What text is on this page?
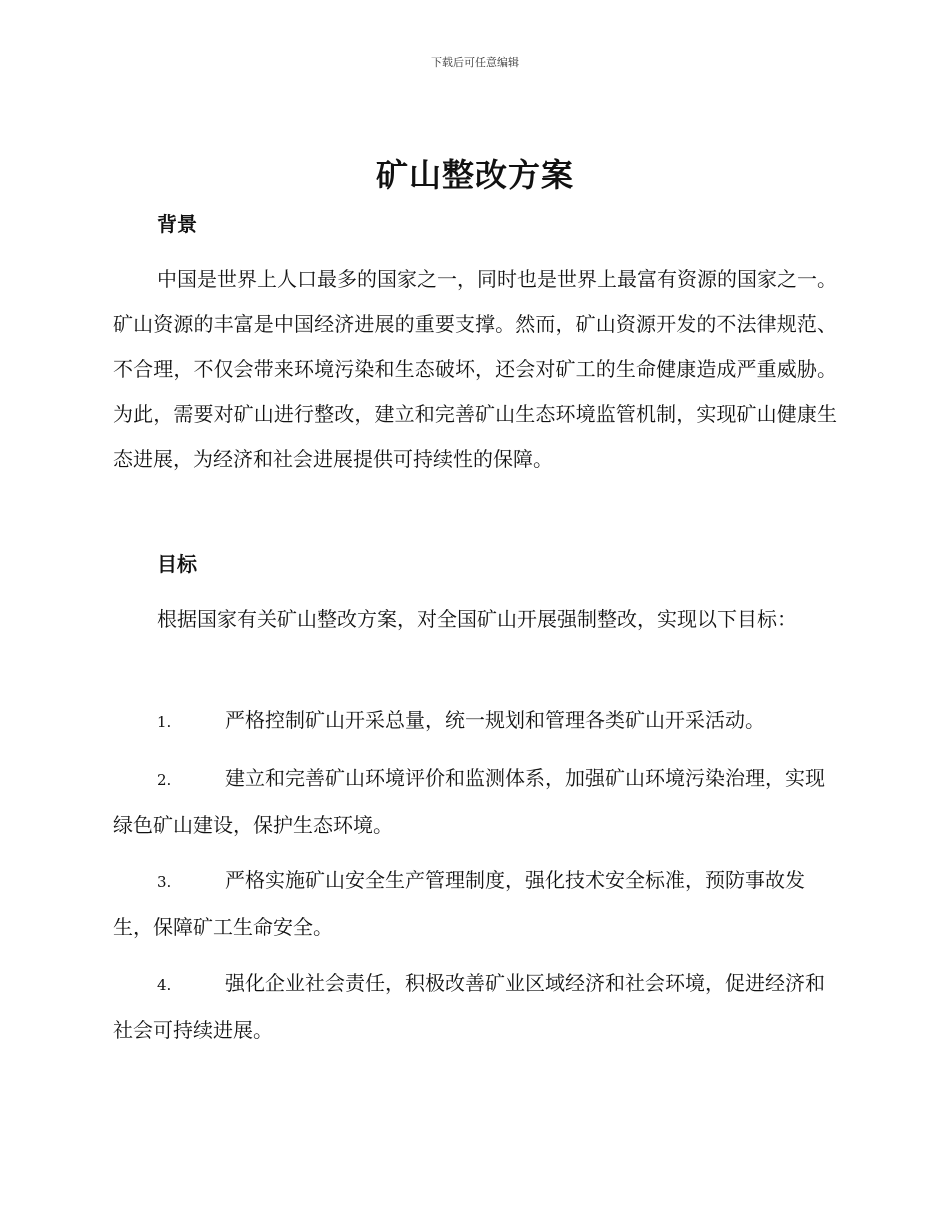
下载后可任意编辑
矿山整改方案
背景

中国是世界上人口最多的国家之一，同时也是世界上最富有资源的国家之一。矿山资源的丰富是中国经济进展的重要支撑。然而，矿山资源开发的不法律规范、不合理，不仅会带来环境污染和生态破坏，还会对矿工的生命健康造成严重威胁。为此，需要对矿山进行整改，建立和完善矿山生态环境监管机制，实现矿山健康生态进展，为经济和社会进展提供可持续性的保障。

目标

根据国家有关矿山整改方案，对全国矿山开展强制整改，实现以下目标：

1.	严格控制矿山开采总量，统一规划和管理各类矿山开采活动。

2.	建立和完善矿山环境评价和监测体系，加强矿山环境污染治理，实现绿色矿山建设，保护生态环境。

3.	严格实施矿山安全生产管理制度，强化技术安全标准，预防事故发生，保障矿工生命安全。

4.	强化企业社会责任，积极改善矿业区域经济和社会环境，促进经济和社会可持续进展。
